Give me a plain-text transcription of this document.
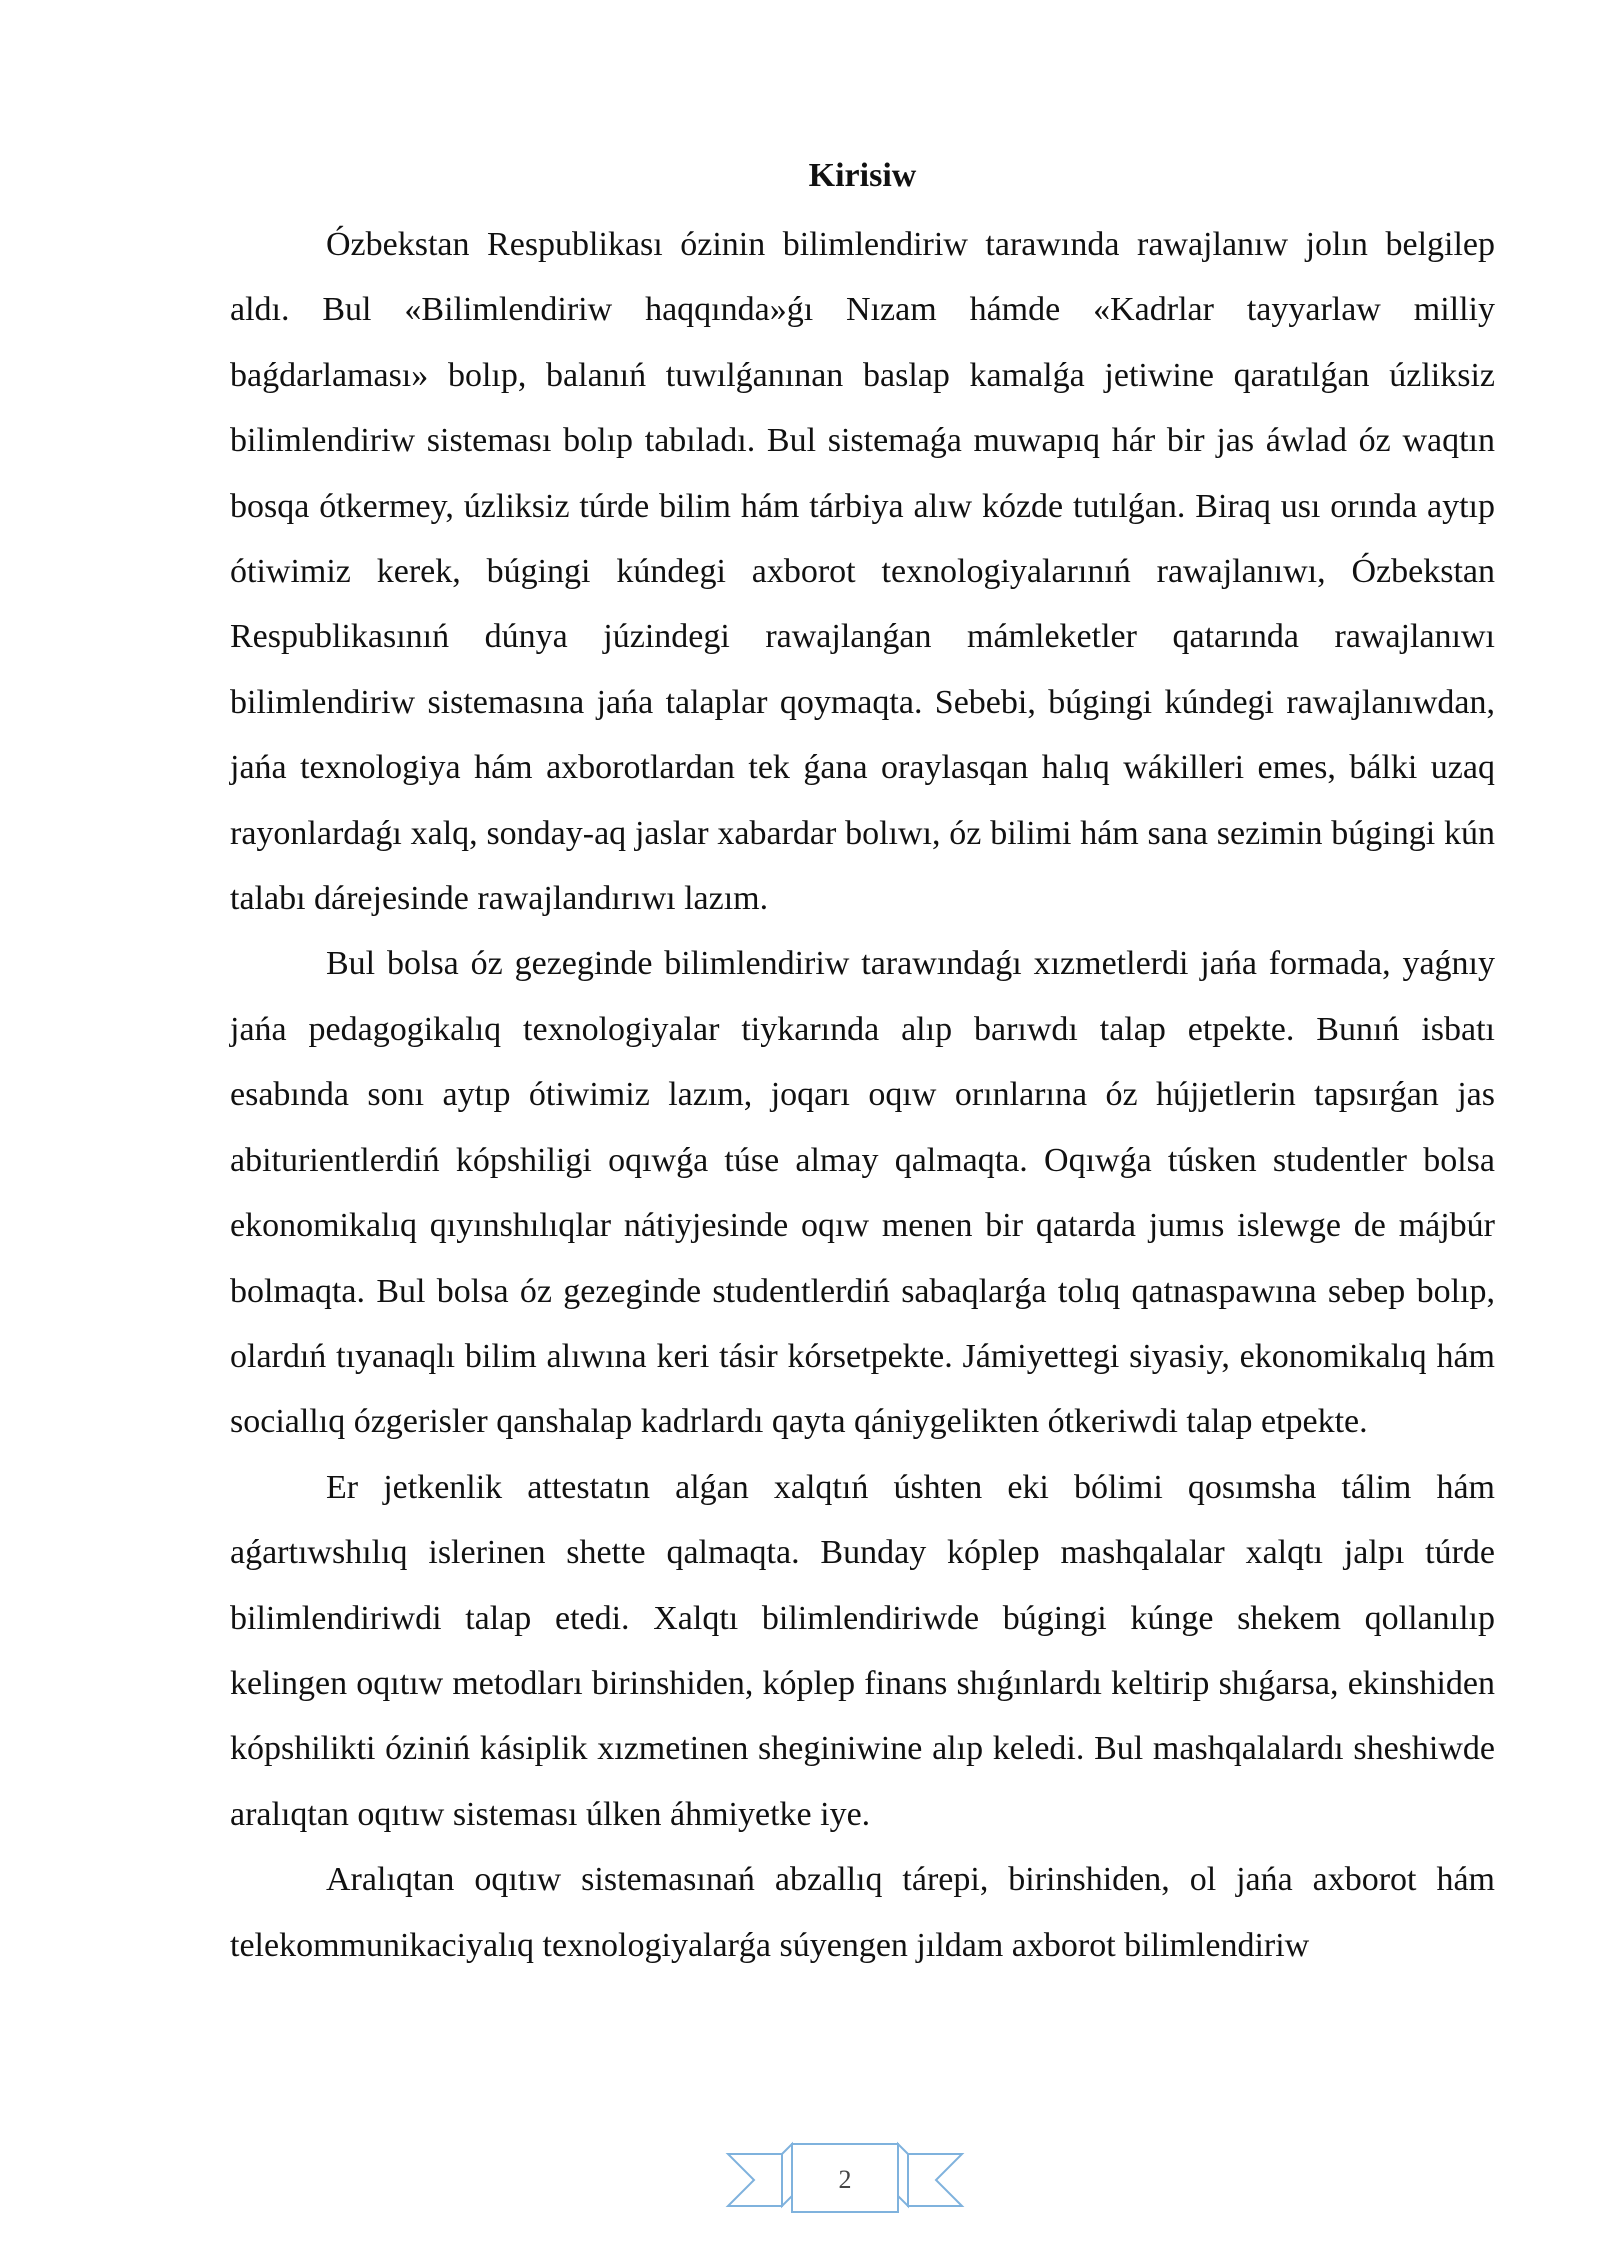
Kirisiw

Ózbekstan Respublikası ózinin bilimlendiriw tarawında rawajlanıw jolın belgilep aldı. Bul «Bilimlendiriw haqqında»ǵı Nızam hámde «Kadrlar tayyarlaw milliy baǵdarlaması» bolıp, balanıń tuwılǵanınan baslap kamalǵa jetiwine qaratılǵan úzliksiz bilimlendiriw sisteması bolıp tabıladı. Bul sistemaǵa muwapıq hár bir jas áwlad óz waqtın bosqa ótkermey, úzliksiz túrde bilim hám tárbiya alıw kózde tutılǵan. Biraq usı orında aytıp ótiwimiz kerek, búgingi kúndegi axborot texnologiyalarınıń rawajlanıwı, Ózbekstan Respublikasınıń dúnya júzindegi rawajlanǵan mámleketler qatarında rawajlanıwı bilimlendiriw sistemasına jańa talaplar qoymaqta. Sebebi, búgingi kúndegi rawajlanıwdan, jańa texnologiya hám axborotlardan tek ǵana oraylasqan halıq wákilleri emes, bálki uzaq rayonlardaǵı xalq, sonday-aq jaslar xabardar bolıwı, óz bilimi hám sana sezimin búgingi kún talabı dárejesinde rawajlandırıwı lazım.

Bul bolsa óz gezeginde bilimlendiriw tarawındaǵı xızmetlerdi jańa formada, yaǵnıy jańa pedagogikalıq texnologiyalar tiykarında alıp barıwdı talap etpekte. Bunıń isbatı esabında sonı aytıp ótiwimiz lazım, joqarı oqıw orınlarına óz hújjetlerin tapsırǵan jas abiturientlerdiń kópshiligi oqıwǵa túse almay qalmaqta. Oqıwǵa túsken studentler bolsa ekonomikalıq qıyınshılıqlar nátiyjesinde oqıw menen bir qatarda jumıs islewge de májbúr bolmaqta. Bul bolsa óz gezeginde studentlerdiń sabaqlarǵa tolıq qatnaspawına sebep bolıp, olardıń tıyanaqlı bilim alıwına keri tásir kórsetpekte. Jámiyettegi siyasiy, ekonomikalıq hám sociallıq ózgerisler qanshalap kadrlardı qayta qániygelikten ótkeriwdi talap etpekte.

Er jetkenlik attestatın alǵan xalqtıń úshten eki bólimi qosımsha tálim hám aǵartıwshılıq islerinen shette qalmaqta. Bunday kóplep mashqalalar xalqtı jalpı túrde bilimlendiriwdi talap etedi. Xalqtı bilimlendiriwde búgingi kúnge shekem qollanılıp kelingen oqıtıw metodları birinshiden, kóplep finans shıǵınlardı keltirip shıǵarsa, ekinshiden kópshilikti óziniń kásiplik xızmetinen sheginiwine alıp keledi. Bul mashqalalardı sheshiwde aralıqtan oqıtıw sisteması úlken áhmiyetke iye.

Aralıqtan oqıtıw sistemasınań abzallıq tárepi, birinshiden, ol jańa axborot hám telekommunikaciyalıq texnologiyalarǵa súyengen jıldam axborot bilimlendiriw

2
